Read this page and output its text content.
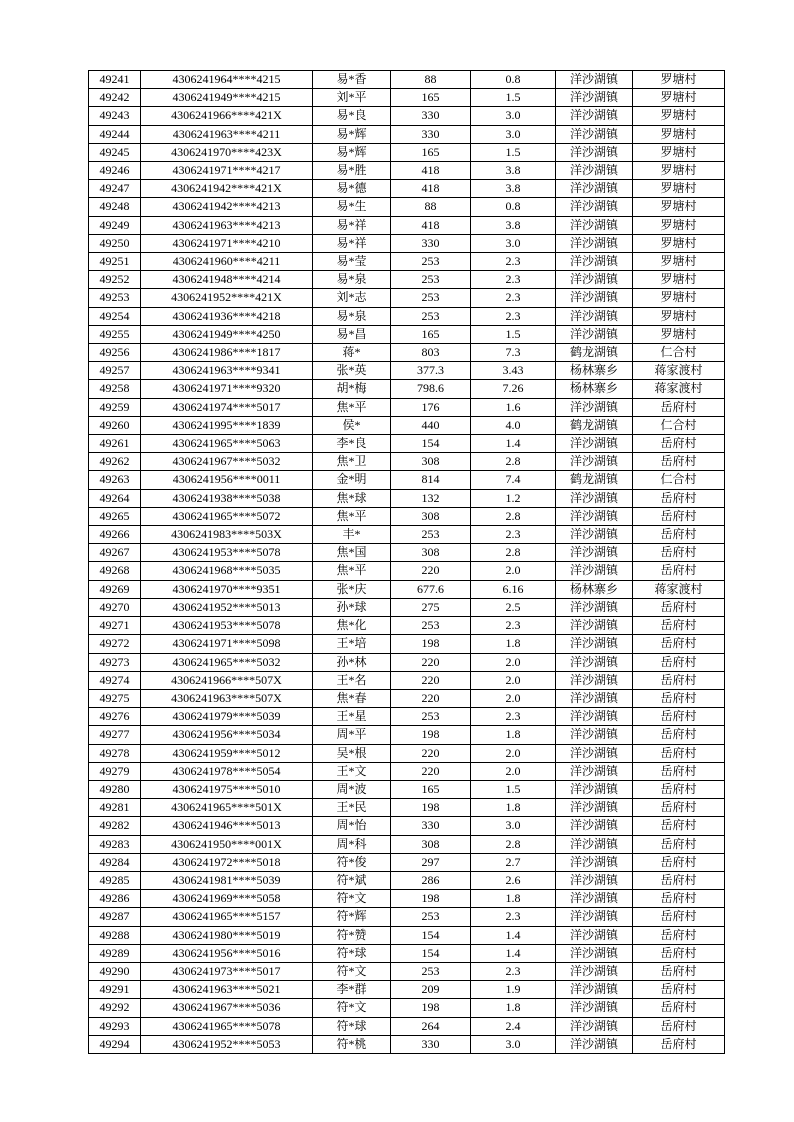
49241	4306241964****4215	易*香	88	0.8	洋沙湖镇	罗塘村
49242	4306241949****4215	刘*平	165	1.5	洋沙湖镇	罗塘村
49243	4306241966****421X	易*良	330	3.0	洋沙湖镇	罗塘村
49244	4306241963****4211	易*辉	330	3.0	洋沙湖镇	罗塘村
49245	4306241970****423X	易*辉	165	1.5	洋沙湖镇	罗塘村
49246	4306241971****4217	易*胜	418	3.8	洋沙湖镇	罗塘村
49247	4306241942****421X	易*德	418	3.8	洋沙湖镇	罗塘村
49248	4306241942****4213	易*生	88	0.8	洋沙湖镇	罗塘村
49249	4306241963****4213	易*祥	418	3.8	洋沙湖镇	罗塘村
49250	4306241971****4210	易*祥	330	3.0	洋沙湖镇	罗塘村
49251	4306241960****4211	易*莹	253	2.3	洋沙湖镇	罗塘村
49252	4306241948****4214	易*泉	253	2.3	洋沙湖镇	罗塘村
49253	4306241952****421X	刘*志	253	2.3	洋沙湖镇	罗塘村
49254	4306241936****4218	易*泉	253	2.3	洋沙湖镇	罗塘村
49255	4306241949****4250	易*昌	165	1.5	洋沙湖镇	罗塘村
49256	4306241986****1817	蒋*	803	7.3	鹤龙湖镇	仁合村
49257	4306241963****9341	张*英	377.3	3.43	杨林寨乡	蒋家渡村
49258	4306241971****9320	胡*梅	798.6	7.26	杨林寨乡	蒋家渡村
49259	4306241974****5017	焦*平	176	1.6	洋沙湖镇	岳府村
49260	4306241995****1839	侯*	440	4.0	鹤龙湖镇	仁合村
49261	4306241965****5063	李*良	154	1.4	洋沙湖镇	岳府村
49262	4306241967****5032	焦*卫	308	2.8	洋沙湖镇	岳府村
49263	4306241956****0011	金*明	814	7.4	鹤龙湖镇	仁合村
49264	4306241938****5038	焦*球	132	1.2	洋沙湖镇	岳府村
49265	4306241965****5072	焦*平	308	2.8	洋沙湖镇	岳府村
49266	4306241983****503X	丰*	253	2.3	洋沙湖镇	岳府村
49267	4306241953****5078	焦*国	308	2.8	洋沙湖镇	岳府村
49268	4306241968****5035	焦*平	220	2.0	洋沙湖镇	岳府村
49269	4306241970****9351	张*庆	677.6	6.16	杨林寨乡	蒋家渡村
49270	4306241952****5013	孙*球	275	2.5	洋沙湖镇	岳府村
49271	4306241953****5078	焦*化	253	2.3	洋沙湖镇	岳府村
49272	4306241971****5098	王*培	198	1.8	洋沙湖镇	岳府村
49273	4306241965****5032	孙*林	220	2.0	洋沙湖镇	岳府村
49274	4306241966****507X	王*名	220	2.0	洋沙湖镇	岳府村
49275	4306241963****507X	焦*春	220	2.0	洋沙湖镇	岳府村
49276	4306241979****5039	王*星	253	2.3	洋沙湖镇	岳府村
49277	4306241956****5034	周*平	198	1.8	洋沙湖镇	岳府村
49278	4306241959****5012	吴*根	220	2.0	洋沙湖镇	岳府村
49279	4306241978****5054	王*文	220	2.0	洋沙湖镇	岳府村
49280	4306241975****5010	周*波	165	1.5	洋沙湖镇	岳府村
49281	4306241965****501X	王*民	198	1.8	洋沙湖镇	岳府村
49282	4306241946****5013	周*怡	330	3.0	洋沙湖镇	岳府村
49283	4306241950****001X	周*科	308	2.8	洋沙湖镇	岳府村
49284	4306241972****5018	符*俊	297	2.7	洋沙湖镇	岳府村
49285	4306241981****5039	符*斌	286	2.6	洋沙湖镇	岳府村
49286	4306241969****5058	符*文	198	1.8	洋沙湖镇	岳府村
49287	4306241965****5157	符*辉	253	2.3	洋沙湖镇	岳府村
49288	4306241980****5019	符*赞	154	1.4	洋沙湖镇	岳府村
49289	4306241956****5016	符*球	154	1.4	洋沙湖镇	岳府村
49290	4306241973****5017	符*文	253	2.3	洋沙湖镇	岳府村
49291	4306241963****5021	李*群	209	1.9	洋沙湖镇	岳府村
49292	4306241967****5036	符*文	198	1.8	洋沙湖镇	岳府村
49293	4306241965****5078	符*球	264	2.4	洋沙湖镇	岳府村
49294	4306241952****5053	符*桃	330	3.0	洋沙湖镇	岳府村
